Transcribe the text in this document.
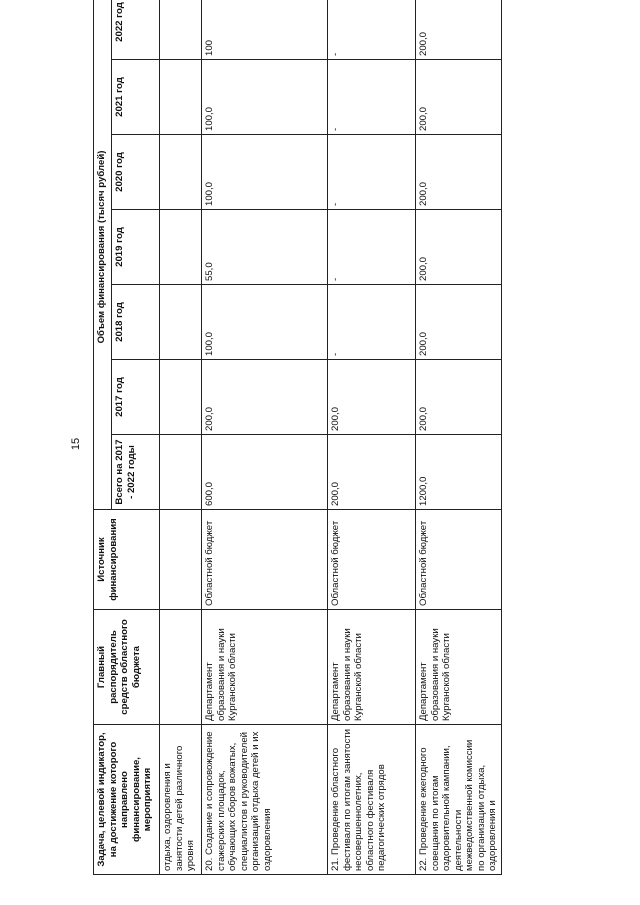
15
Задача, целевой индикатор, на достижение которого направлено финансирование, мероприятия	Главный распорядитель средств областного бюджета	Источник финансирования	Объем финансирования (тысяч рублей)						
			Всего на 2017 - 2022 годы	2017 год	2018 год	2019 год	2020 год	2021 год	2022 год
отдыха, оздоровления и занятости детей различного уровня									
20. Создание и сопровождение стажерских площадок, обучающих сборов вожатых, специалистов и руководителей организаций отдыха детей и их оздоровления	Департамент образования и науки Курганской области	Областной бюджет	600,0	200,0	100,0	55,0	100,0	100,0	100
21. Проведение областного фестиваля по итогам занятости несовершеннолетних, областного фестиваля педагогических отрядов	Департамент образования и науки Курганской области	Областной бюджет	200,0	200,0	-	-	-	-	-
22. Проведение ежегодного совещания по итогам оздоровительной кампании, деятельности межведомственной комиссии по организации отдыха, оздоровления и	Департамент образования и науки Курганской области	Областной бюджет	1200,0	200,0	200,0	200,0	200,0	200,0	200,0
